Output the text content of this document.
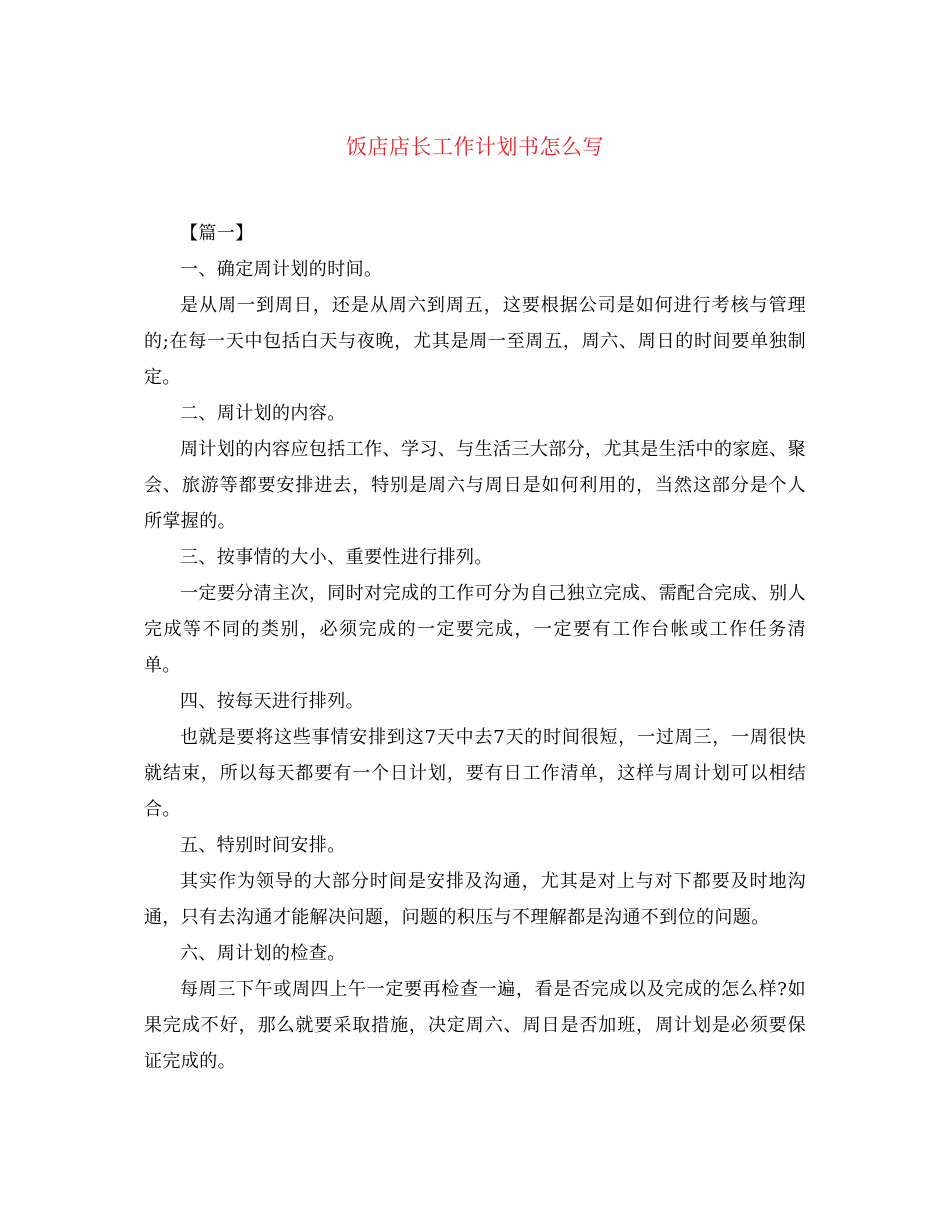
饭店店长工作计划书怎么写

【篇一】

一、确定周计划的时间。

是从周一到周日，还是从周六到周五，这要根据公司是如何进行考核与管理的;在每一天中包括白天与夜晚，尤其是周一至周五，周六、周日的时间要单独制定。

二、周计划的内容。

周计划的内容应包括工作、学习、与生活三大部分，尤其是生活中的家庭、聚会、旅游等都要安排进去，特别是周六与周日是如何利用的，当然这部分是个人所掌握的。

三、按事情的大小、重要性进行排列。

一定要分清主次，同时对完成的工作可分为自己独立完成、需配合完成、别人完成等不同的类别，必须完成的一定要完成，一定要有工作台帐或工作任务清单。

四、按每天进行排列。

也就是要将这些事情安排到这7天中去7天的时间很短，一过周三，一周很快就结束，所以每天都要有一个日计划，要有日工作清单，这样与周计划可以相结合。

五、特别时间安排。

其实作为领导的大部分时间是安排及沟通，尤其是对上与对下都要及时地沟通，只有去沟通才能解决问题，问题的积压与不理解都是沟通不到位的问题。

六、周计划的检查。

每周三下午或周四上午一定要再检查一遍，看是否完成以及完成的怎么样?如果完成不好，那么就要采取措施，决定周六、周日是否加班，周计划是必须要保证完成的。
